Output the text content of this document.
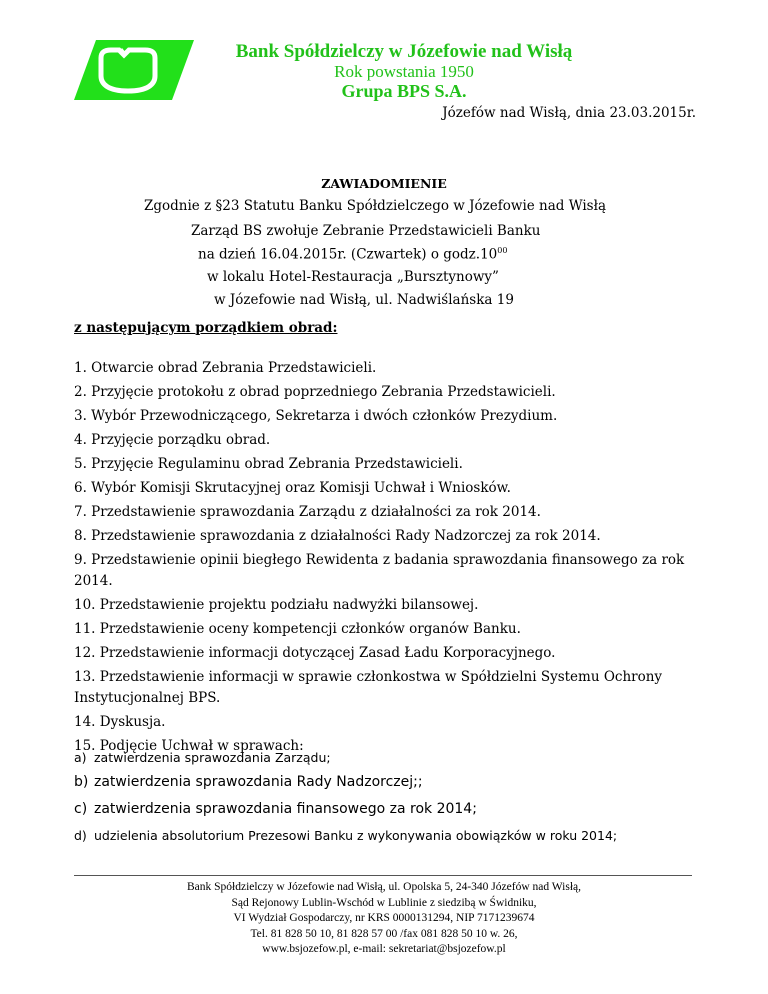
Bank Spółdzielczy w Józefowie nad Wisłą
Rok powstania 1950
Grupa BPS S.A.
Józefów nad Wisłą, dnia 23.03.2015r.
ZAWIADOMIENIE
Zgodnie z §23 Statutu Banku Spółdzielczego w Józefowie nad Wisłą
Zarząd BS zwołuje Zebranie Przedstawicieli Banku
na dzień 16.04.2015r. (Czwartek) o $godz.10^{00}$
w lokalu Hotel-Restauracja „Bursztynowy”
w Józefowie nad Wisłą, ul. Nadwiślańska 19
z następującym porządkiem obrad:
1. Otwarcie obrad Zebrania Przedstawicieli.
2. Przyjęcie protokołu z obrad poprzedniego Zebrania Przedstawicieli.
3. Wybór Przewodniczącego, Sekretarza i dwóch członków Prezydium.
4. Przyjęcie porządku obrad.
5. Przyjęcie Regulaminu obrad Zebrania Przedstawicieli.
6. Wybór Komisji Skrutacyjnej oraz Komisji Uchwał i Wniosków.
7. Przedstawienie sprawozdania Zarządu z działalności za rok 2014.
8. Przedstawienie sprawozdania z działalności Rady Nadzorczej za rok 2014.
9. Przedstawienie opinii biegłego Rewidenta z badania sprawozdania finansowego za rok 2014.
10. Przedstawienie projektu podziału nadwyżki bilansowej.
11. Przedstawienie oceny kompetencji członków organów Banku.
12. Przedstawienie informacji dotyczącej Zasad Ładu Korporacyjnego.
13. Przedstawienie informacji w sprawie członkostwa w Spółdzielni Systemu Ochrony Instytucjonalnej BPS.
14. Dyskusja.
15. Podjęcie Uchwał w sprawach:
a) zatwierdzenia sprawozdania Zarządu;
b) zatwierdzenia sprawozdania Rady Nadzorczej;;
c) zatwierdzenia sprawozdania finansowego za rok 2014;
d) udzielenia absolutorium Prezesowi Banku z wykonywania obowiązków w roku 2014;
Bank Spółdzielczy w Józefowie nad Wisłą, ul. Opolska 5, 24-340 Józefów nad Wisłą,
Sąd Rejonowy Lublin-Wschód w Lublinie z siedzibą w Świdniku,
VI Wydział Gospodarczy, nr KRS 0000131294, NIP 7171239674
Tel. 81 828 50 10, 81 828 57 00 /fax 081 828 50 10 w. 26,
www.bsjozefow.pl, e-mail: sekretariat@bsjozefow.pl
